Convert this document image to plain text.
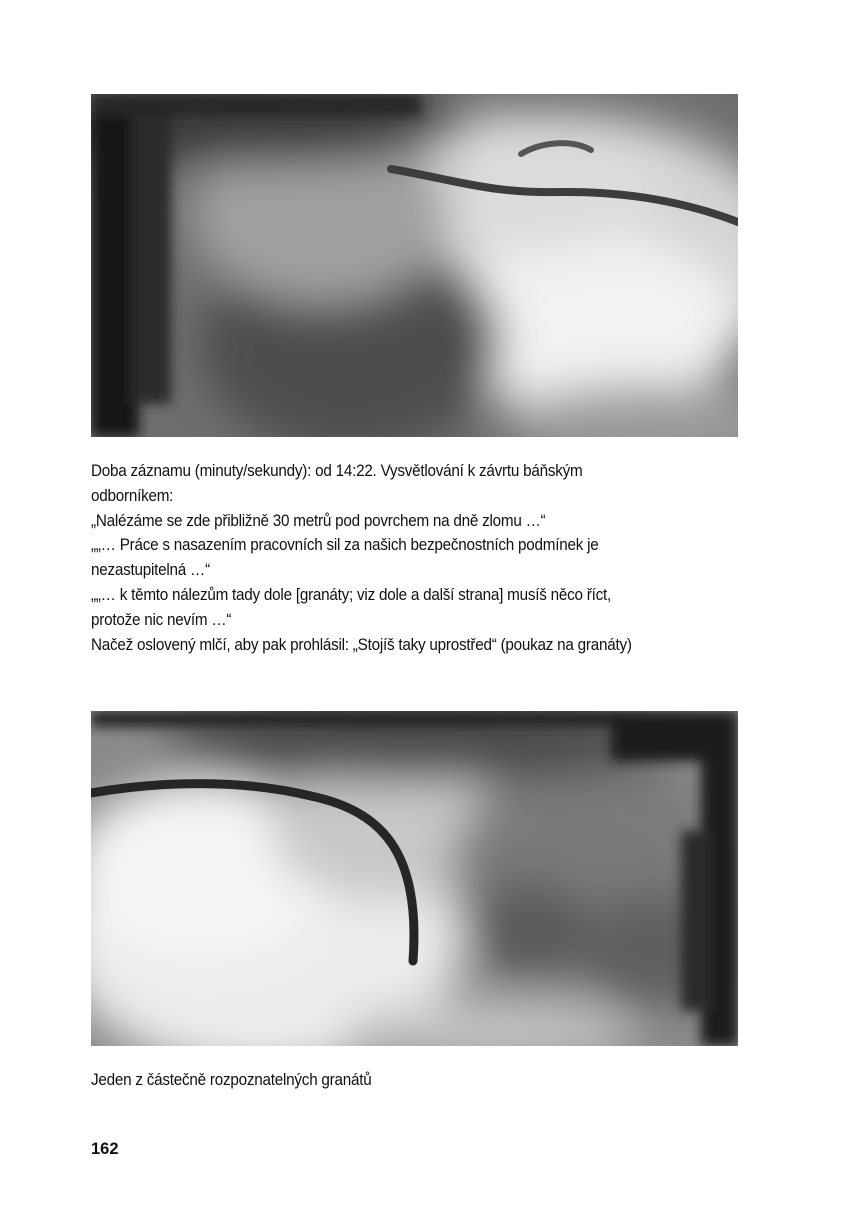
Doba záznamu (minuty/sekundy): od 14:22. Vysvětlování k závrtu báňským

odborníkem:

„Nalézáme se zde přibližně 30 metrů pod povrchem na dně zlomu …“

„„… Práce s nasazením pracovních sil za našich bezpečnostních podmínek je

nezastupitelná …“

„„… k těmto nálezům tady dole [granáty; viz dole a další strana] musíš něco říct,

protože nic nevím …“

Načež oslovený mlčí, aby pak prohlásil: „Stojíš taky uprostřed“ (poukaz na granáty)

Jeden z částečně rozpoznatelných granátů

162
